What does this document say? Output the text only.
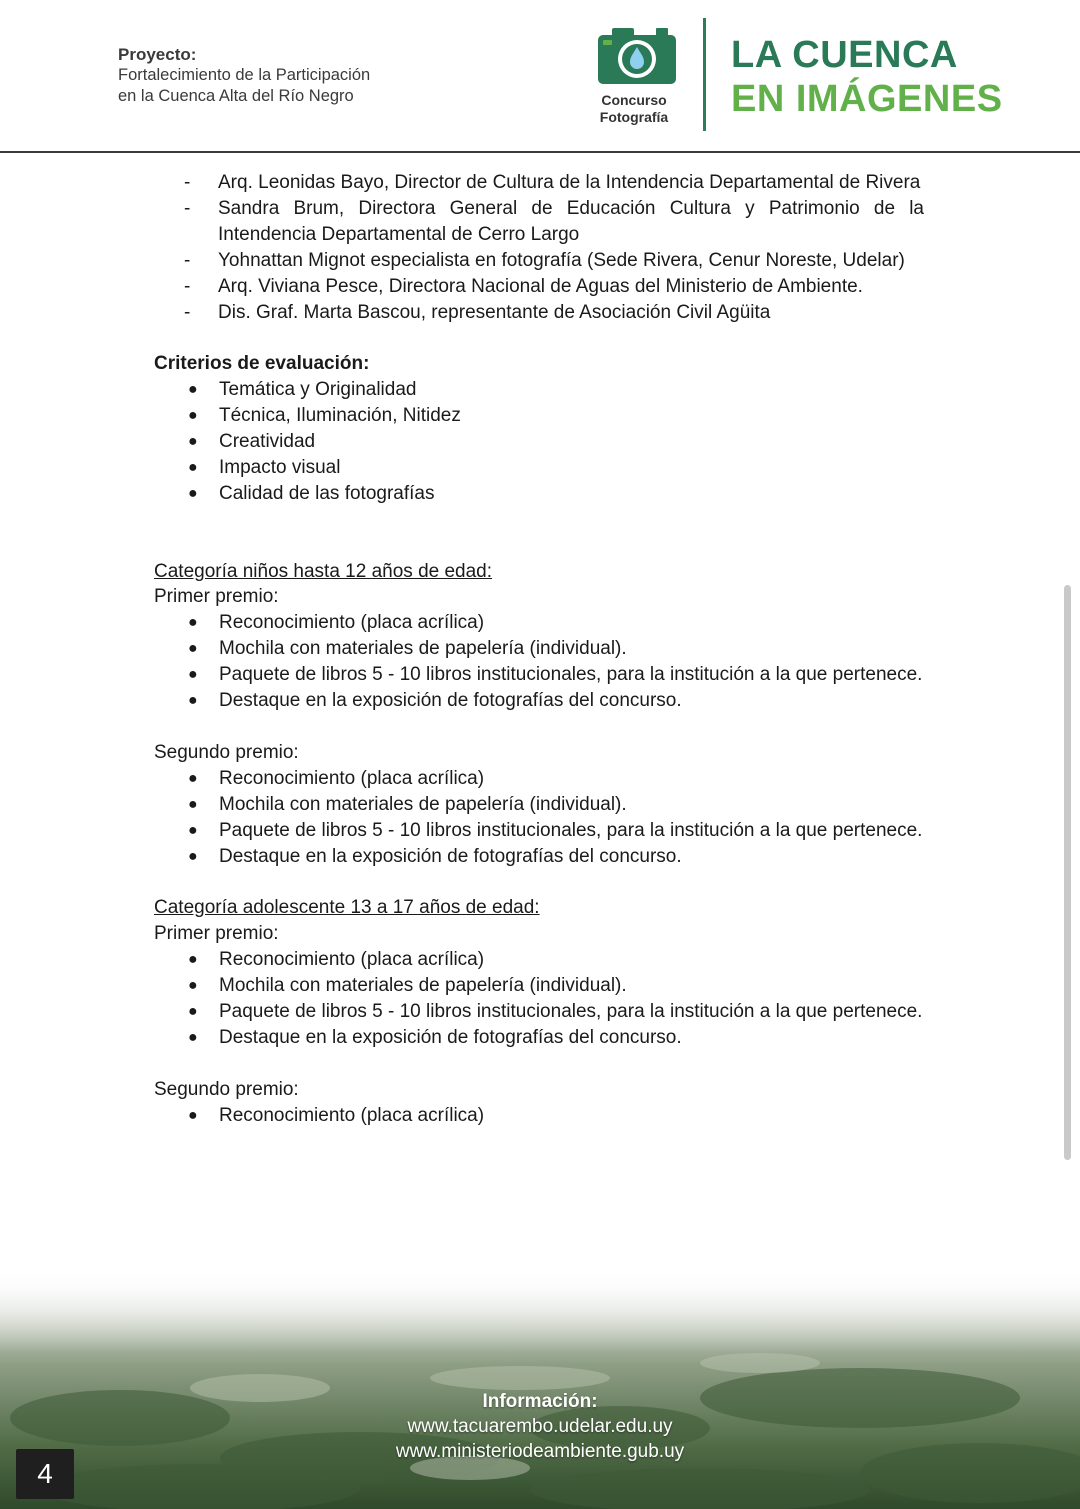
Proyecto:
Fortalecimiento de la Participación
en la Cuenca Alta del Río Negro	Concurso
Fotografía
LA CUENCA
EN IMÁGENES
- Arq. Leonidas Bayo, Director de Cultura de la Intendencia Departamental de Rivera
- Sandra Brum, Directora General de Educación Cultura y Patrimonio de la Intendencia Departamental de Cerro Largo
- Yohnattan Mignot especialista en fotografía (Sede Rivera, Cenur Noreste, Udelar)
- Arq. Viviana Pesce, Directora Nacional de Aguas del Ministerio de Ambiente.
- Dis. Graf. Marta Bascou, representante de Asociación Civil Agüita
Criterios de evaluación:
● Temática y Originalidad
● Técnica, Iluminación, Nitidez
● Creatividad
● Impacto visual
● Calidad de las fotografías
Categoría niños hasta 12 años de edad:
Primer premio:
● Reconocimiento (placa acrílica)
● Mochila con materiales de papelería (individual).
● Paquete de libros 5 - 10 libros institucionales, para la institución a la que pertenece.
● Destaque en la exposición de fotografías del concurso.
Segundo premio:
● Reconocimiento (placa acrílica)
● Mochila con materiales de papelería (individual).
● Paquete de libros 5 - 10 libros institucionales, para la institución a la que pertenece.
● Destaque en la exposición de fotografías del concurso.
Categoría adolescente 13 a 17 años de edad:
Primer premio:
● Reconocimiento (placa acrílica)
● Mochila con materiales de papelería (individual).
● Paquete de libros 5 - 10 libros institucionales, para la institución a la que pertenece.
● Destaque en la exposición de fotografías del concurso.
Segundo premio:
● Reconocimiento (placa acrílica)
Información:
www.tacuarembo.udelar.edu.uy
www.ministeriodeambiente.gub.uy
4
